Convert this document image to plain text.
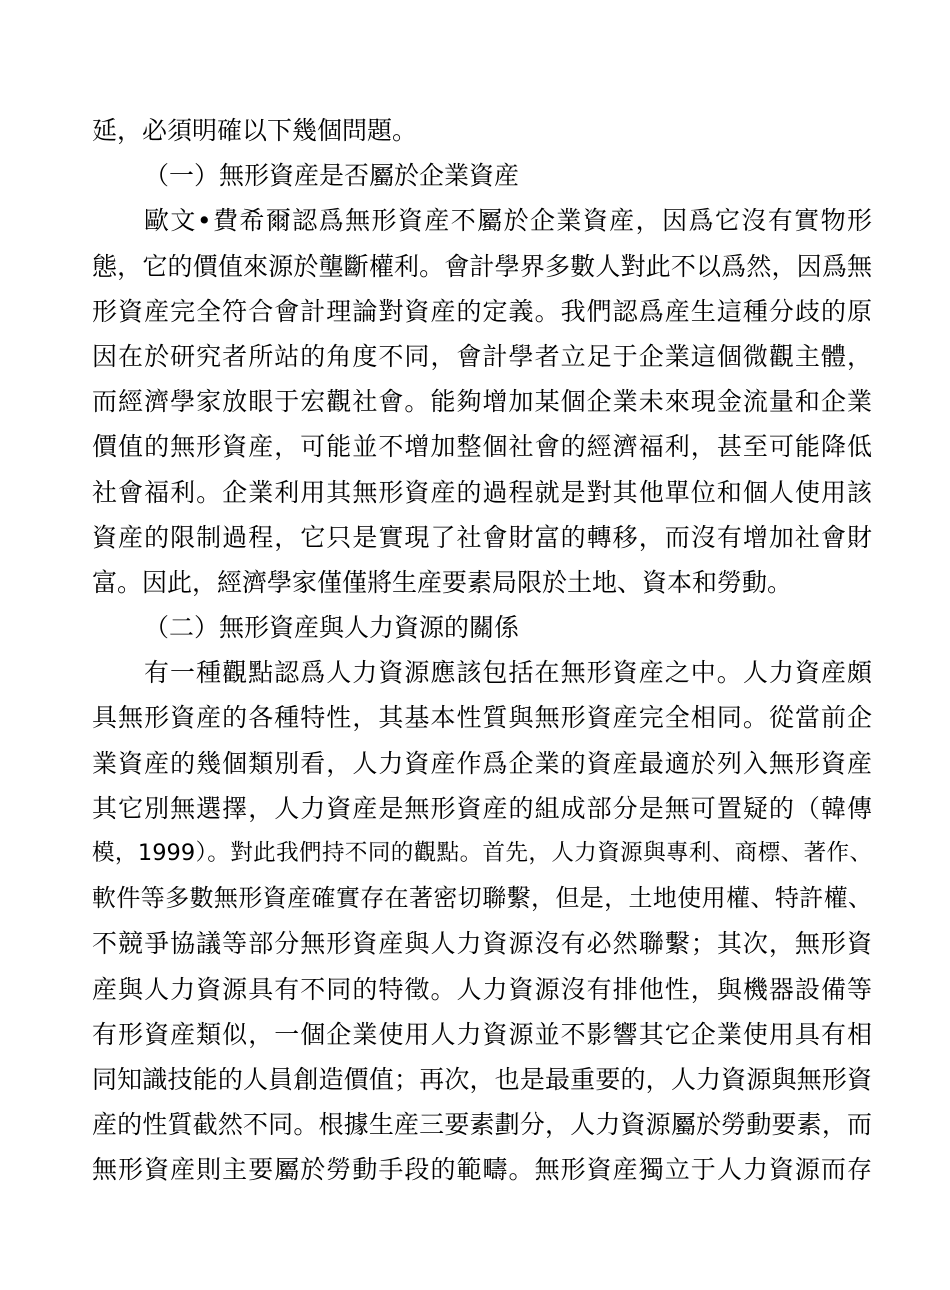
延，必須明確以下幾個問題。
（一）無形資産是否屬於企業資産
歐文•費希爾認爲無形資産不屬於企業資産，因爲它沒有實物形
態，它的價值來源於壟斷權利。會計學界多數人對此不以爲然，因爲無
形資産完全符合會計理論對資産的定義。我們認爲産生這種分歧的原
因在於研究者所站的角度不同，會計學者立足于企業這個微觀主體，
而經濟學家放眼于宏觀社會。能夠增加某個企業未來現金流量和企業
價值的無形資産，可能並不增加整個社會的經濟福利，甚至可能降低
社會福利。企業利用其無形資産的過程就是對其他單位和個人使用該
資産的限制過程，它只是實現了社會財富的轉移，而沒有增加社會財
富。因此，經濟學家僅僅將生産要素局限於土地、資本和勞動。
（二）無形資産與人力資源的關係
有一種觀點認爲人力資源應該包括在無形資産之中。人力資産頗
具無形資産的各種特性，其基本性質與無形資産完全相同。從當前企
業資産的幾個類別看，人力資産作爲企業的資産最適於列入無形資産
其它別無選擇，人力資産是無形資産的組成部分是無可置疑的（韓傳
模，1999）。對此我們持不同的觀點。首先，人力資源與專利、商標、著作、
軟件等多數無形資産確實存在著密切聯繫，但是，土地使用權、特許權、
不競爭協議等部分無形資産與人力資源沒有必然聯繫；其次，無形資
産與人力資源具有不同的特徵。人力資源沒有排他性，與機器設備等
有形資産類似，一個企業使用人力資源並不影響其它企業使用具有相
同知識技能的人員創造價值；再次，也是最重要的，人力資源與無形資
産的性質截然不同。根據生産三要素劃分，人力資源屬於勞動要素，而
無形資産則主要屬於勞動手段的範疇。無形資産獨立于人力資源而存
